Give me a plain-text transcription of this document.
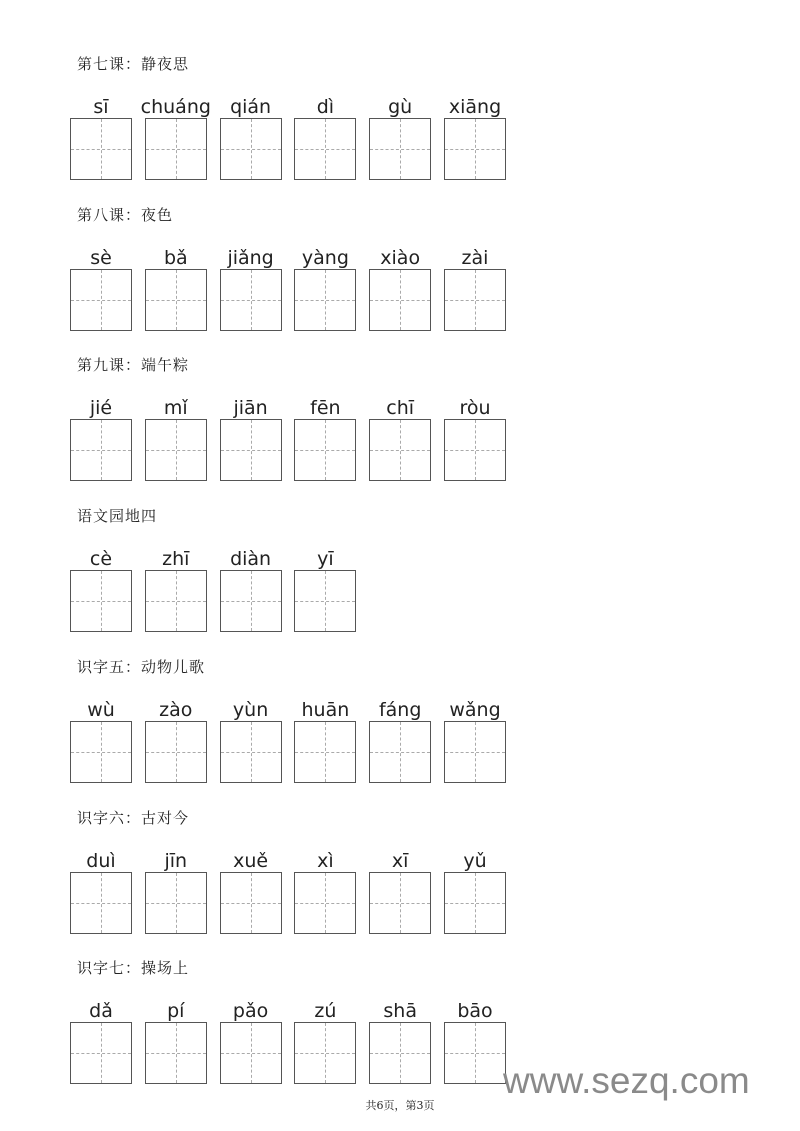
第七课：静夜思
sī	chuáng	qián	dì	gù	xiāng
第八课：夜色
sè	bǎ	jiǎng	yàng	xiào	zài
第九课：端午粽
jié	mǐ	jiān	fēn	chī	ròu
语文园地四
cè	zhī	diàn	yī
识字五：动物儿歌
wù	zào	yùn	huān	fáng	wǎng
识字六：古对今
duì	jīn	xuě	xì	xī	yǔ
识字七：操场上
dǎ	pí	pǎo	zú	shā	bāo
www.sezq.com
共6页，第3页
